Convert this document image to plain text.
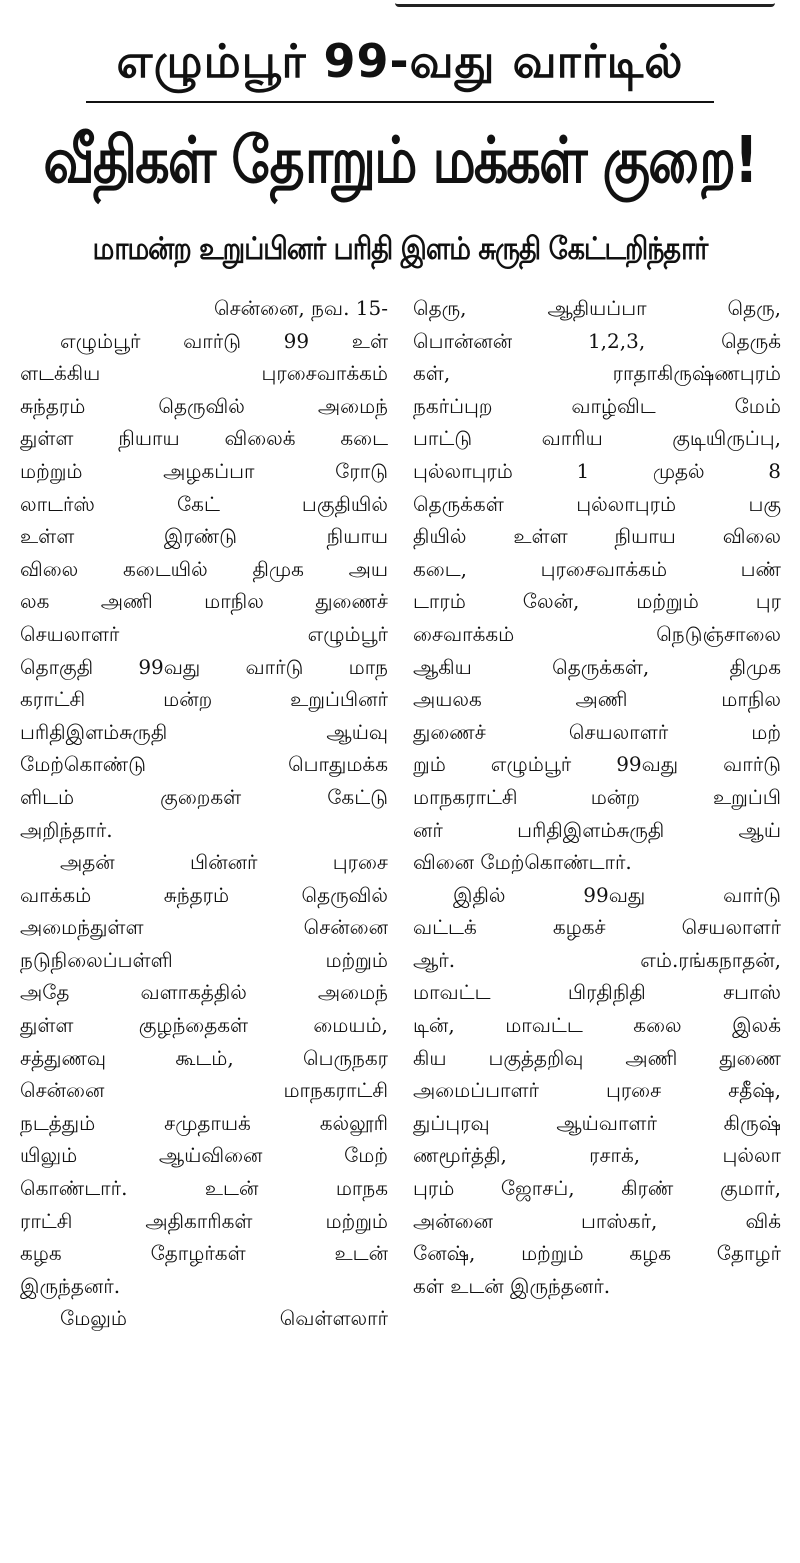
எழும்பூர் 99-வது வார்டில்
வீதிகள் தோறும் மக்கள் குறை!
மாமன்ற உறுப்பினர் பரிதி இளம் சுருதி கேட்டறிந்தார்
சென்னை, நவ. 15-
எழும்பூர் வார்டு 99 உள்
ளடக்கிய புரசைவாக்கம்
சுந்தரம் தெருவில் அமைந்
துள்ள நியாய விலைக் கடை
மற்றும் அழகப்பா ரோடு
லாடர்ஸ் கேட் பகுதியில்
உள்ள இரண்டு நியாய
விலை கடையில் திமுக அய
லக அணி மாநில துணைச்
செயலாளர் எழும்பூர்
தொகுதி 99வது வார்டு மாந
கராட்சி மன்ற உறுப்பினர்
பரிதிஇளம்சுருதி ஆய்வு
மேற்கொண்டு பொதுமக்க
ளிடம் குறைகள் கேட்டு
அறிந்தார்.
அதன் பின்னர் புரசை
வாக்கம் சுந்தரம் தெருவில்
அமைந்துள்ள சென்னை
நடுநிலைப்பள்ளி மற்றும்
அதே வளாகத்தில் அமைந்
துள்ள குழந்தைகள் மையம்,
சத்துணவு கூடம், பெருநகர
சென்னை மாநகராட்சி
நடத்தும் சமுதாயக் கல்லூரி
யிலும் ஆய்வினை மேற்
கொண்டார். உடன் மாநக
ராட்சி அதிகாரிகள் மற்றும்
கழக தோழர்கள் உடன்
இருந்தனர்.
மேலும் வெள்ளலார்
தெரு, ஆதியப்பா தெரு,
பொன்னன் 1,2,3, தெருக்
கள், ராதாகிருஷ்ணபுரம்
நகர்ப்புற வாழ்விட மேம்
பாட்டு வாரிய குடியிருப்பு,
புல்லாபுரம் 1 முதல் 8
தெருக்கள் புல்லாபுரம் பகு
தியில் உள்ள நியாய விலை
கடை, புரசைவாக்கம் பண்
டாரம் லேன், மற்றும் புர
சைவாக்கம் நெடுஞ்சாலை
ஆகிய தெருக்கள், திமுக
அயலக அணி மாநில
துணைச் செயலாளர் மற்
றும் எழும்பூர் 99வது வார்டு
மாநகராட்சி மன்ற உறுப்பி
னர் பரிதிஇளம்சுருதி ஆய்
வினை மேற்கொண்டார்.
இதில் 99வது வார்டு
வட்டக் கழகச் செயலாளர்
ஆர். எம்.ரங்கநாதன்,
மாவட்ட பிரதிநிதி சபாஸ்
டின், மாவட்ட கலை இலக்
கிய பகுத்தறிவு அணி துணை
அமைப்பாளர் புரசை சதீஷ்,
துப்புரவு ஆய்வாளர் கிருஷ்
ணமூர்த்தி, ரசாக், புல்லா
புரம் ஜோசப், கிரண் குமார்,
அன்னை பாஸ்கர், விக்
னேஷ், மற்றும் கழக தோழர்
கள் உடன் இருந்தனர்.
